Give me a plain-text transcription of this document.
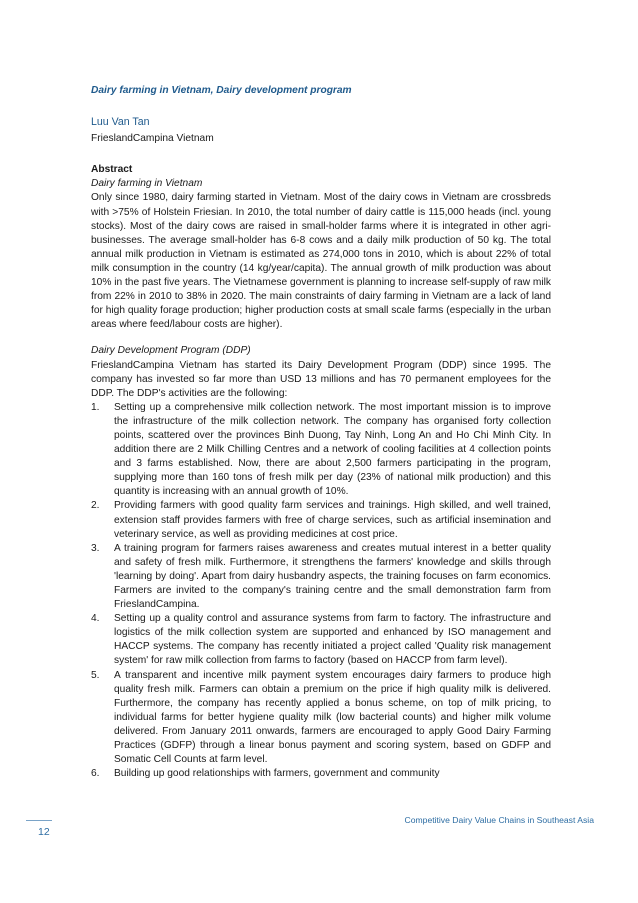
Dairy farming in Vietnam, Dairy development program

Luu Van Tan

FrieslandCampina Vietnam

Abstract

Dairy farming in Vietnam

Only since 1980, dairy farming started in Vietnam. Most of the dairy cows in Vietnam are crossbreds with >75% of Holstein Friesian. In 2010, the total number of dairy cattle is 115,000 heads (incl. young stocks). Most of the dairy cows are raised in small-holder farms where it is integrated in other agri-businesses. The average small-holder has 6-8 cows and a daily milk production of 50 kg. The total annual milk production in Vietnam is estimated as 274,000 tons in 2010, which is about 22% of total milk consumption in the country (14 kg/year/capita). The annual growth of milk production was about 10% in the past five years. The Vietnamese government is planning to increase self-supply of raw milk from 22% in 2010 to 38% in 2020. The main constraints of dairy farming in Vietnam are a lack of land for high quality forage production; higher production costs at small scale farms (especially in the urban areas where feed/labour costs are higher).

Dairy Development Program (DDP)

FrieslandCampina Vietnam has started its Dairy Development Program (DDP) since 1995. The company has invested so far more than USD 13 millions and has 70 permanent employees for the DDP. The DDP's activities are the following:

1.	Setting up a comprehensive milk collection network. The most important mission is to improve the infrastructure of the milk collection network. The company has organised forty collection points, scattered over the provinces Binh Duong, Tay Ninh, Long An and Ho Chi Minh City. In addition there are 2 Milk Chilling Centres and a network of cooling facilities at 4 collection points and 3 farms established. Now, there are about 2,500 farmers participating in the program, supplying more than 160 tons of fresh milk per day (23% of national milk production) and this quantity is increasing with an annual growth of 10%.
2.	Providing farmers with good quality farm services and trainings. High skilled, and well trained, extension staff provides farmers with free of charge services, such as artificial insemination and veterinary service, as well as providing medicines at cost price.
3.	A training program for farmers raises awareness and creates mutual interest in a better quality and safety of fresh milk. Furthermore, it strengthens the farmers' knowledge and skills through 'learning by doing'. Apart from dairy husbandry aspects, the training focuses on farm economics. Farmers are invited to the company's training centre and the small demonstration farm from FrieslandCampina.
4.	Setting up a quality control and assurance systems from farm to factory. The infrastructure and logistics of the milk collection system are supported and enhanced by ISO management and HACCP systems. The company has recently initiated a project called 'Quality risk management system' for raw milk collection from farms to factory (based on HACCP from farm level).
5.	A transparent and incentive milk payment system encourages dairy farmers to produce high quality fresh milk. Farmers can obtain a premium on the price if high quality milk is delivered. Furthermore, the company has recently applied a bonus scheme, on top of milk pricing, to individual farms for better hygiene quality milk (low bacterial counts) and higher milk volume delivered. From January 2011 onwards, farmers are encouraged to apply Good Dairy Farming Practices (GDFP) through a linear bonus payment and scoring system, based on GDFP and Somatic Cell Counts at farm level.
6.	Building up good relationships with farmers, government and community
12
Competitive Dairy Value Chains in Southeast Asia
